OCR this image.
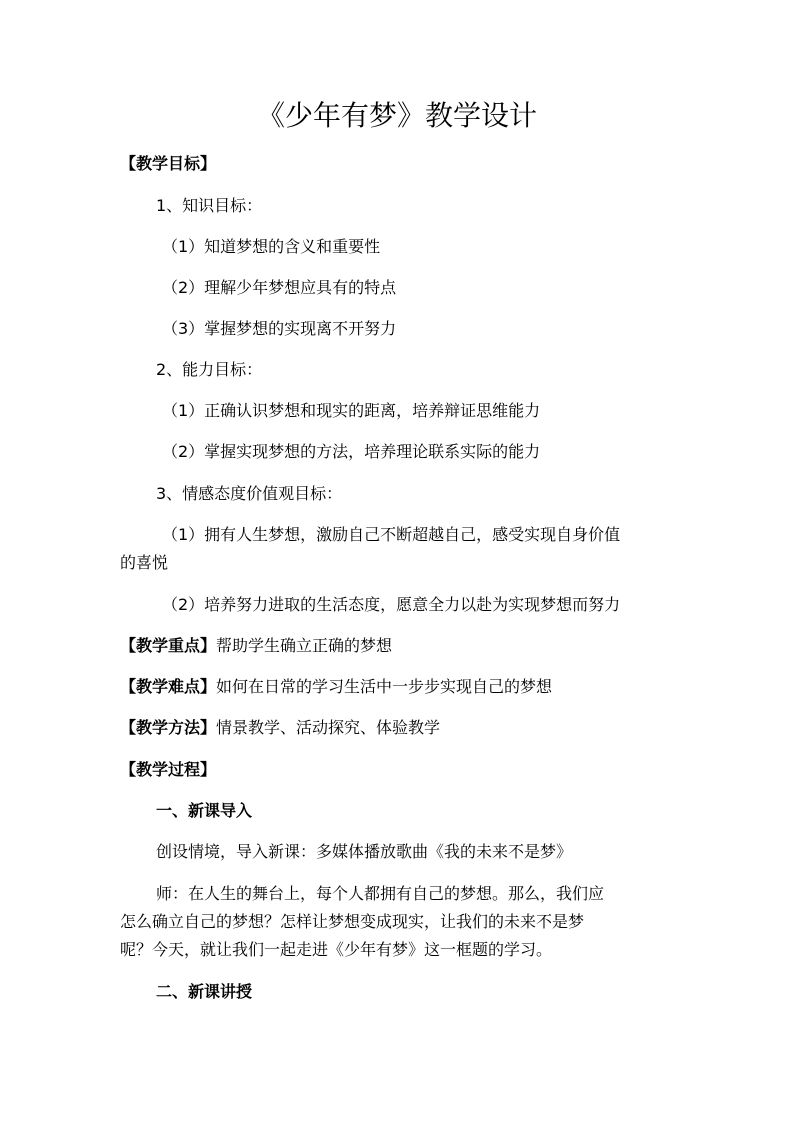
《少年有梦》教学设计

【教学目标】

1、知识目标：

（1）知道梦想的含义和重要性

（2）理解少年梦想应具有的特点

（3）掌握梦想的实现离不开努力

2、能力目标：

（1）正确认识梦想和现实的距离，培养辩证思维能力

（2）掌握实现梦想的方法，培养理论联系实际的能力

3、情感态度价值观目标：

（1）拥有人生梦想，激励自己不断超越自己，感受实现自身价值

的喜悦

（2）培养努力进取的生活态度，愿意全力以赴为实现梦想而努力

【教学重点】帮助学生确立正确的梦想

【教学难点】如何在日常的学习生活中一步步实现自己的梦想

【教学方法】情景教学、活动探究、体验教学

【教学过程】

一、新课导入

创设情境，导入新课：多媒体播放歌曲《我的未来不是梦》

师：在人生的舞台上，每个人都拥有自己的梦想。那么，我们应

怎么确立自己的梦想？怎样让梦想变成现实，让我们的未来不是梦

呢？今天，就让我们一起走进《少年有梦》这一框题的学习。

二、新课讲授
